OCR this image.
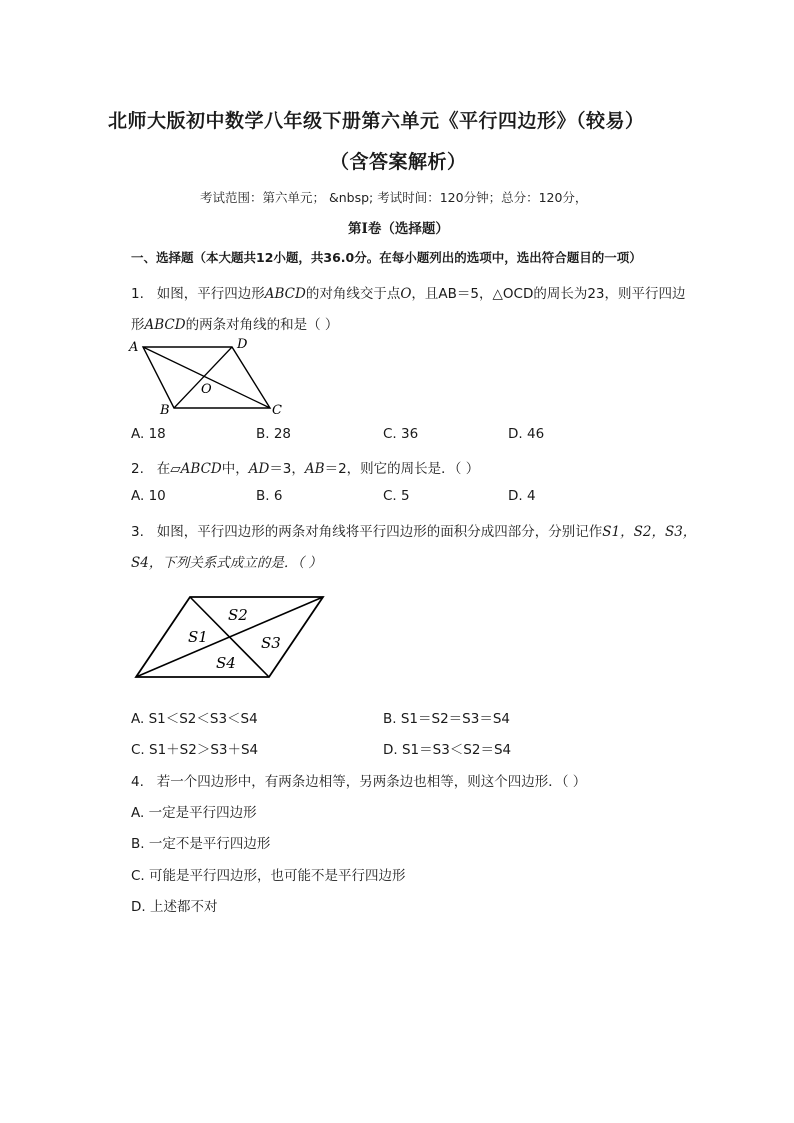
北师大版初中数学八年级下册第六单元《平行四边形》（较易）
（含答案解析）
考试范围：第六单元； &nbsp; 考试时间：120分钟；总分：120分，
第I卷（选择题）
一、选择题（本大题共12小题，共36.0分。在每小题列出的选项中，选出符合题目的一项）
1. 如图，平行四边形ABCD的对角线交于点O，且AB＝5，△OCD的周长为23，则平行四边
形ABCD的两条对角线的和是（ ）
A	D
O
B	C
A. 18	B. 28	C. 36	D. 46
2. 在▱ABCD中，AD＝3，AB＝2，则它的周长是．（ ）
A. 10	B. 6	C. 5	D. 4
3. 如图，平行四边形的两条对角线将平行四边形的面积分成四部分，分别记作S1，S2，S3，
S4，下列关系式成立的是．（ ）
S1
S2
S3
S4
A. S1＜S2＜S3＜S4	B. S1＝S2＝S3＝S4
C. S1＋S2＞S3＋S4	D. S1＝S3＜S2＝S4
4. 若一个四边形中，有两条边相等，另两条边也相等，则这个四边形．（ ）
A. 一定是平行四边形
B. 一定不是平行四边形
C. 可能是平行四边形，也可能不是平行四边形
D. 上述都不对
